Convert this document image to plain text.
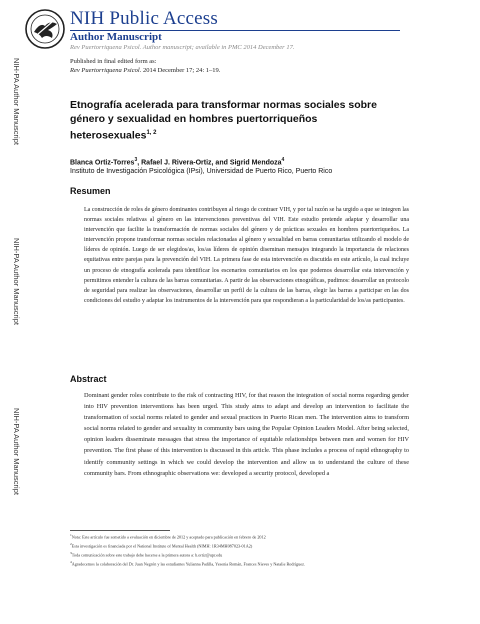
NIH Public Access
Author Manuscript
Rev Puertorriquena Psicol. Author manuscript; available in PMC 2014 December 17.
NIH-PA Author Manuscript
NIH-PA Author Manuscript
NIH-PA Author Manuscript
Published in final edited form as:
Rev Puertorriquena Psicol. 2014 December 17; 24: 1–19.
Etnografía acelerada para transformar normas sociales sobre género y sexualidad en hombres puertorriqueños heterosexuales$^{1, 2}$
Blanca Ortiz-Torres$^3$, Rafael J. Rivera-Ortiz, and Sigrid Mendoza$^4$
Instituto de Investigación Psicológica (IPsi), Universidad de Puerto Rico, Puerto Rico
Resumen

La construcción de roles de género dominantes contribuyen al riesgo de contraer VIH, y por tal razón se ha urgido a que se integren las normas sociales relativas al género en las intervenciones preventivas del VIH. Este estudio pretende adaptar y desarrollar una intervención que facilite la transformación de normas sociales del género y de prácticas sexuales en hombres puertorriqueños. La intervención propone transformar normas sociales relacionadas al género y sexualidad en barras comunitarias utilizando el modelo de líderes de opinión. Luego de ser elegidos/as, los/as líderes de opinión diseminan mensajes integrando la importancia de relaciones equitativas entre parejas para la prevención del VIH. La primera fase de esta intervención es discutida en este artículo, la cual incluye un proceso de etnografía acelerada para identificar los escenarios comunitarios en los que podemos desarrollar esta intervención y permitimos entender la cultura de las barras comunitarias. A partir de las observaciones etnográficas, pudimos: desarrollar un protocolo de seguridad para realizar las observaciones, desarrollar un perfil de la cultura de las barras, elegir las barras a participar en las dos condiciones del estudio y adaptar los instrumentos de la intervención para que respondieran a la particularidad de los/as participantes.

Abstract

Dominant gender roles contribute to the risk of contracting HIV, for that reason the integration of social norms regarding gender into HIV prevention interventions has been urged. This study aims to adapt and develop an intervention to facilitate the transformation of social norms related to gender and sexual practices in Puerto Rican men. The intervention aims to transform social norms related to gender and sexuality in community bars using the Popular Opinion Leaders Model. After being selected, opinion leaders disseminate messages that stress the importance of equitable relationships between men and women for HIV prevention. The first phase of this intervention is discussed in this article. This phase includes a process of rapid ethnography to identify community settings in which we could develop the intervention and allow us to understand the culture of these community bars. From ethnographic observations we: developed a security protocol, developed a

$^1$Nota: Este artículo fue sometido a evaluación en diciembre de 2012 y aceptado para publicación en febrero de 2012
$^2$Esta investigación es financiada por el National Institute of Mental Health (NIMH: 1R34MH087023-01A2)
$^3$Toda comunicación sobre este trabajo debe hacerse a la primera autora a: b.ortiz@upr.edu
$^4$Agradecemos la colaboración del Dr. Juan Negrón y las estudiantes Yulianna Padilla, Yesenia Román, Frances Nieves y Natalie Rodríguez.
